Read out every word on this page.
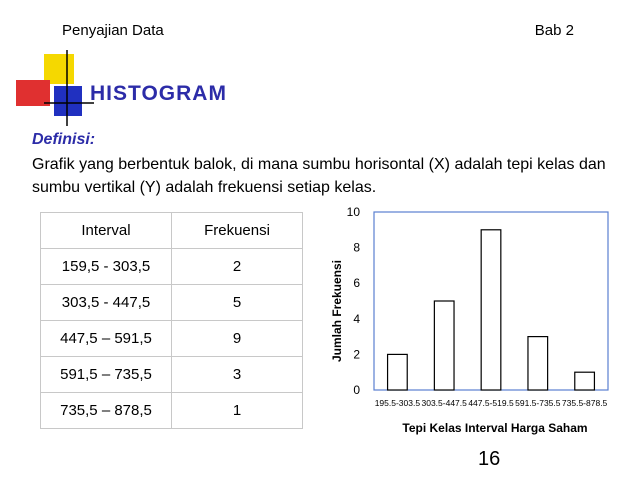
Penyajian Data	Bab 2
HISTOGRAM
Definisi:
Grafik yang berbentuk balok, di mana sumbu horisontal (X) adalah tepi kelas dan sumbu vertikal (Y) adalah frekuensi setiap kelas.
Interval	Frekuensi
159,5 - 303,5	2
303,5 - 447,5	5
447,5 – 591,5	9
591,5 – 735,5	3
735,5 – 878,5	1
0
2
4
6
8
10
195.5-303.5 303.5-447.5 447.5-519.5 591.5-735.5 735.5-878.5
Tepi Kelas Interval Harga Saham
Jumlah Frekuensi
16
